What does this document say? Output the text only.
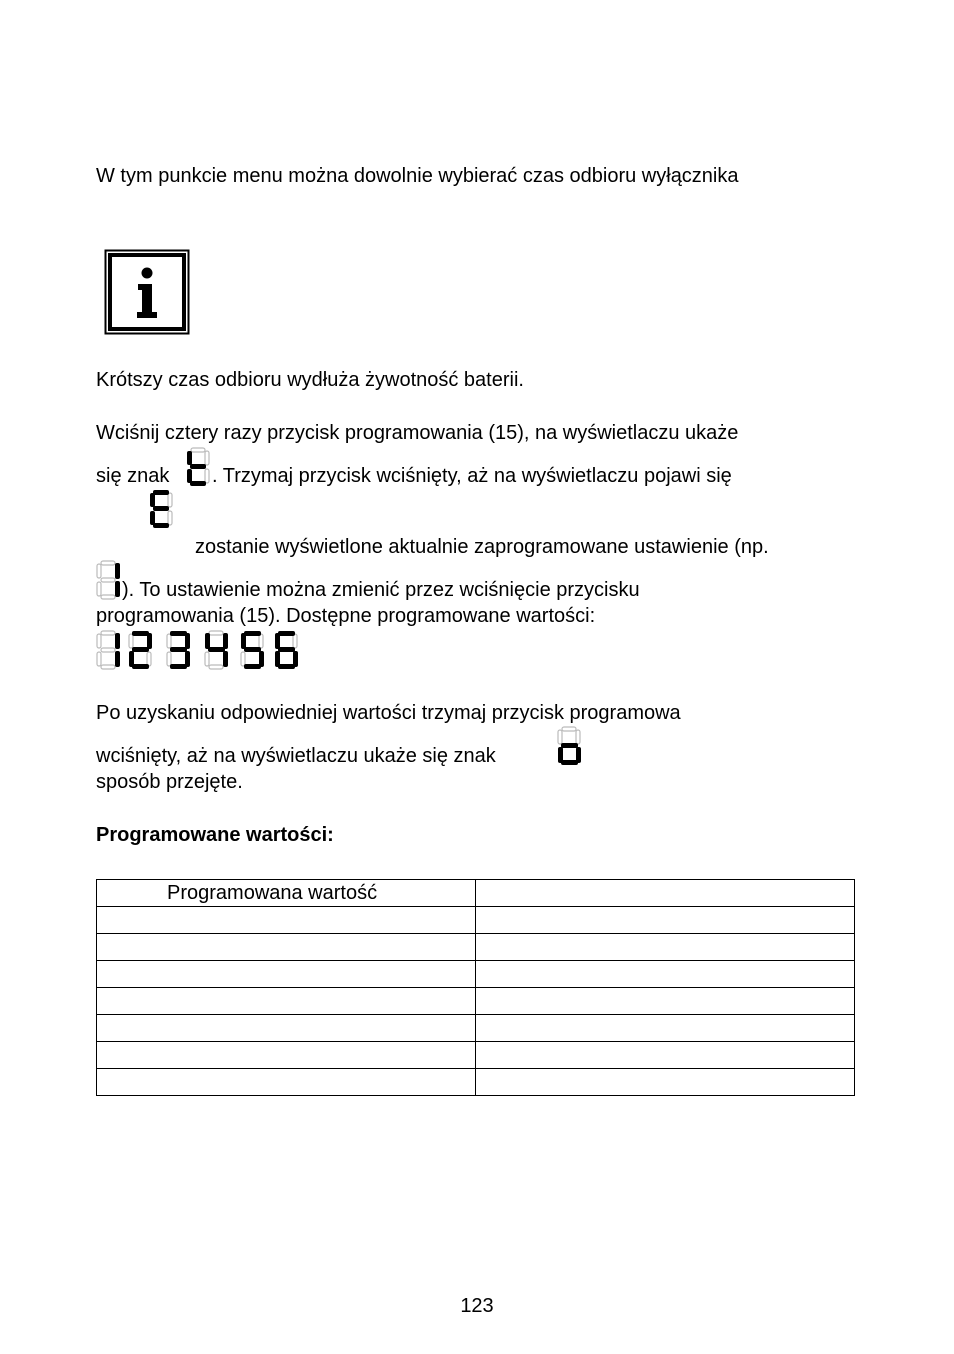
W tym punkcie menu można dowolnie wybierać czas odbioru wyłącznika
Krótszy czas odbioru wydłuża żywotność baterii.
Wciśnij cztery razy przycisk programowania (15), na wyświetlaczu ukaże
się znak . Trzymaj przycisk wciśnięty, aż na wyświetlaczu pojawi się
zostanie wyświetlone aktualnie zaprogramowane ustawienie (np.
). To ustawienie można zmienić przez wciśnięcie przycisku
programowania (15). Dostępne programowane wartości:
Po uzyskaniu odpowiedniej wartości trzymaj przycisk programowa
wciśnięty, aż na wyświetlaczu ukaże się znak
sposób przejęte.
Programowane wartości:
Programowana wartość	

123
